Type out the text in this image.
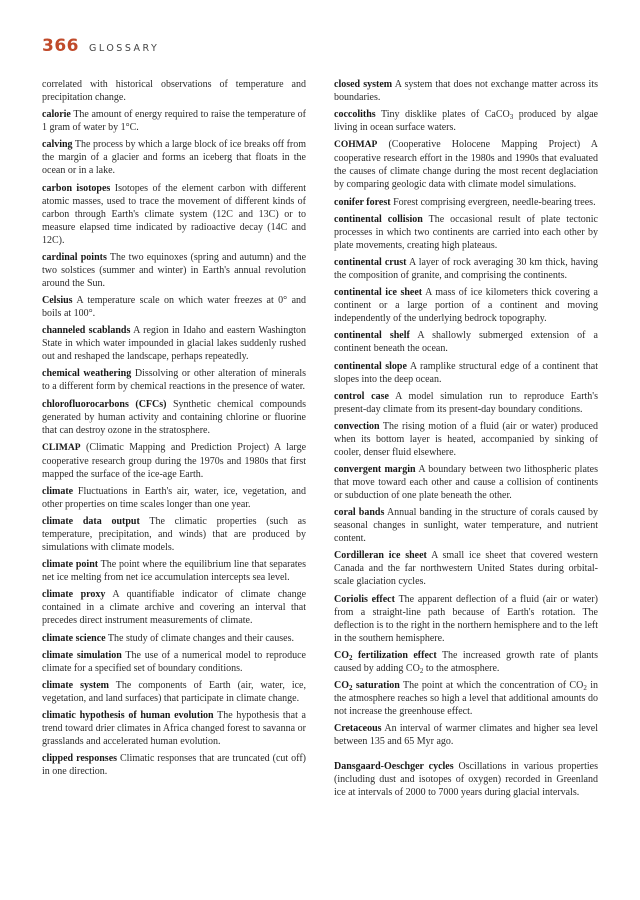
366 GLOSSARY

correlated with historical observations of temperature and precipitation change.

calorie The amount of energy required to raise the temperature of 1 gram of water by 1°C.

calving The process by which a large block of ice breaks off from the margin of a glacier and forms an iceberg that floats in the ocean or in a lake.

carbon isotopes Isotopes of the element carbon with different atomic masses, used to trace the movement of different kinds of carbon through Earth's climate system (12C and 13C) or to measure elapsed time indicated by radioactive decay (14C and 12C).

cardinal points The two equinoxes (spring and autumn) and the two solstices (summer and winter) in Earth's annual revolution around the Sun.

Celsius A temperature scale on which water freezes at 0° and boils at 100°.

channeled scablands A region in Idaho and eastern Washington State in which water impounded in glacial lakes suddenly rushed out and reshaped the landscape, perhaps repeatedly.

chemical weathering Dissolving or other alteration of minerals to a different form by chemical reactions in the presence of water.

chlorofluorocarbons (CFCs) Synthetic chemical compounds generated by human activity and containing chlorine or fluorine that can destroy ozone in the stratosphere.

CLIMAP (Climatic Mapping and Prediction Project) A large cooperative research group during the 1970s and 1980s that first mapped the surface of the ice-age Earth.

climate Fluctuations in Earth's air, water, ice, vegetation, and other properties on time scales longer than one year.

climate data output The climatic properties (such as temperature, precipitation, and winds) that are produced by simulations with climate models.

climate point The point where the equilibrium line that separates net ice melting from net ice accumulation intercepts sea level.

climate proxy A quantifiable indicator of climate change contained in a climate archive and covering an interval that precedes direct instrument measurements of climate.

climate science The study of climate changes and their causes.

climate simulation The use of a numerical model to reproduce climate for a specified set of boundary conditions.

climate system The components of Earth (air, water, ice, vegetation, and land surfaces) that participate in climate change.

climatic hypothesis of human evolution The hypothesis that a trend toward drier climates in Africa changed forest to savanna or grasslands and accelerated human evolution.

clipped responses Climatic responses that are truncated (cut off) in one direction.

closed system A system that does not exchange matter across its boundaries.

coccoliths Tiny disklike plates of CaCO$_3$ produced by algae living in ocean surface waters.

COHMAP (Cooperative Holocene Mapping Project) A cooperative research effort in the 1980s and 1990s that evaluated the causes of climate change during the most recent deglaciation by comparing geologic data with climate model simulations.

conifer forest Forest comprising evergreen, needle-bearing trees.

continental collision The occasional result of plate tectonic processes in which two continents are carried into each other by plate movements, creating high plateaus.

continental crust A layer of rock averaging 30 km thick, having the composition of granite, and comprising the continents.

continental ice sheet A mass of ice kilometers thick covering a continent or a large portion of a continent and moving independently of the underlying bedrock topography.

continental shelf A shallowly submerged extension of a continent beneath the ocean.

continental slope A ramplike structural edge of a continent that slopes into the deep ocean.

control case A model simulation run to reproduce Earth's present-day climate from its present-day boundary conditions.

convection The rising motion of a fluid (air or water) produced when its bottom layer is heated, accompanied by sinking of cooler, denser fluid elsewhere.

convergent margin A boundary between two lithospheric plates that move toward each other and cause a collision of continents or subduction of one plate beneath the other.

coral bands Annual banding in the structure of corals caused by seasonal changes in sunlight, water temperature, and nutrient content.

Cordilleran ice sheet A small ice sheet that covered western Canada and the far northwestern United States during orbital-scale glaciation cycles.

Coriolis effect The apparent deflection of a fluid (air or water) from a straight-line path because of Earth's rotation. The deflection is to the right in the northern hemisphere and to the left in the southern hemisphere.

$CO_2$ fertilization effect The increased growth rate of plants caused by adding $CO_2$ to the atmosphere.

$CO_2$ saturation The point at which the concentration of $CO_2$ in the atmosphere reaches so high a level that additional amounts do not increase the greenhouse effect.

Cretaceous An interval of warmer climates and higher sea level between 135 and 65 Myr ago.

Dansgaard-Oeschger cycles Oscillations in various properties (including dust and isotopes of oxygen) recorded in Greenland ice at intervals of 2000 to 7000 years during glacial intervals.
